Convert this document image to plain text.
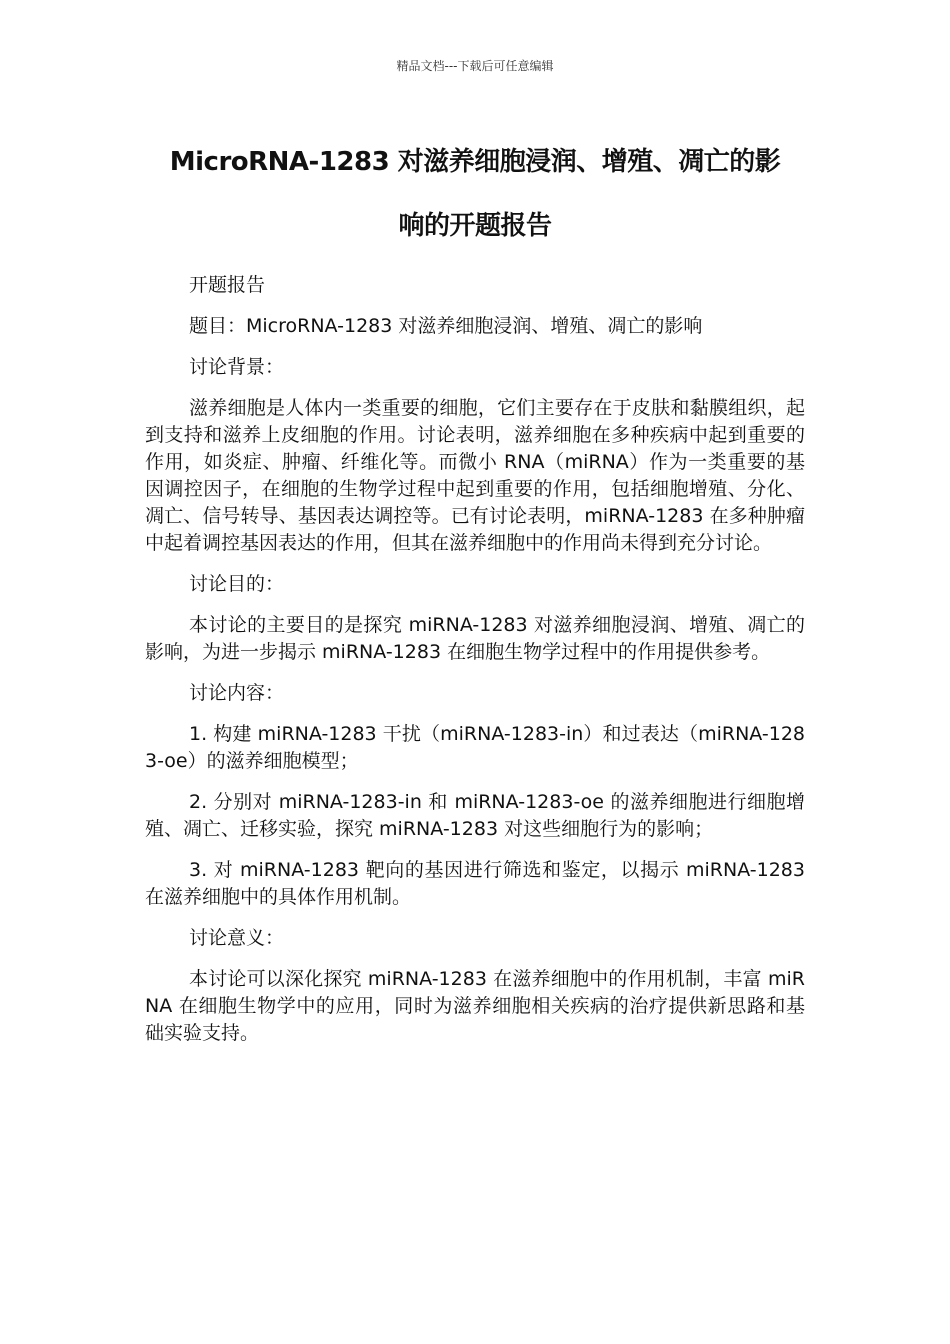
精品文档---下载后可任意编辑
MicroRNA-1283 对滋养细胞浸润、增殖、凋亡的影
响的开题报告

开题报告

题目：MicroRNA-1283 对滋养细胞浸润、增殖、凋亡的影响

讨论背景：

滋养细胞是人体内一类重要的细胞，它们主要存在于皮肤和黏膜组织，起到支持和滋养上皮细胞的作用。讨论表明，滋养细胞在多种疾病中起到重要的作用，如炎症、肿瘤、纤维化等。而微小 RNA（miRNA）作为一类重要的基因调控因子，在细胞的生物学过程中起到重要的作用，包括细胞增殖、分化、凋亡、信号转导、基因表达调控等。已有讨论表明，miRNA-1283 在多种肿瘤中起着调控基因表达的作用，但其在滋养细胞中的作用尚未得到充分讨论。

讨论目的：

本讨论的主要目的是探究 miRNA-1283 对滋养细胞浸润、增殖、凋亡的影响，为进一步揭示 miRNA-1283 在细胞生物学过程中的作用提供参考。

讨论内容：

1. 构建 miRNA-1283 干扰（miRNA-1283-in）和过表达（miRNA-1283-oe）的滋养细胞模型；

2. 分别对 miRNA-1283-in 和 miRNA-1283-oe 的滋养细胞进行细胞增殖、凋亡、迁移实验，探究 miRNA-1283 对这些细胞行为的影响；

3. 对 miRNA-1283 靶向的基因进行筛选和鉴定，以揭示 miRNA-1283 在滋养细胞中的具体作用机制。

讨论意义：

本讨论可以深化探究 miRNA-1283 在滋养细胞中的作用机制，丰富 miRNA 在细胞生物学中的应用，同时为滋养细胞相关疾病的治疗提供新思路和基础实验支持。
